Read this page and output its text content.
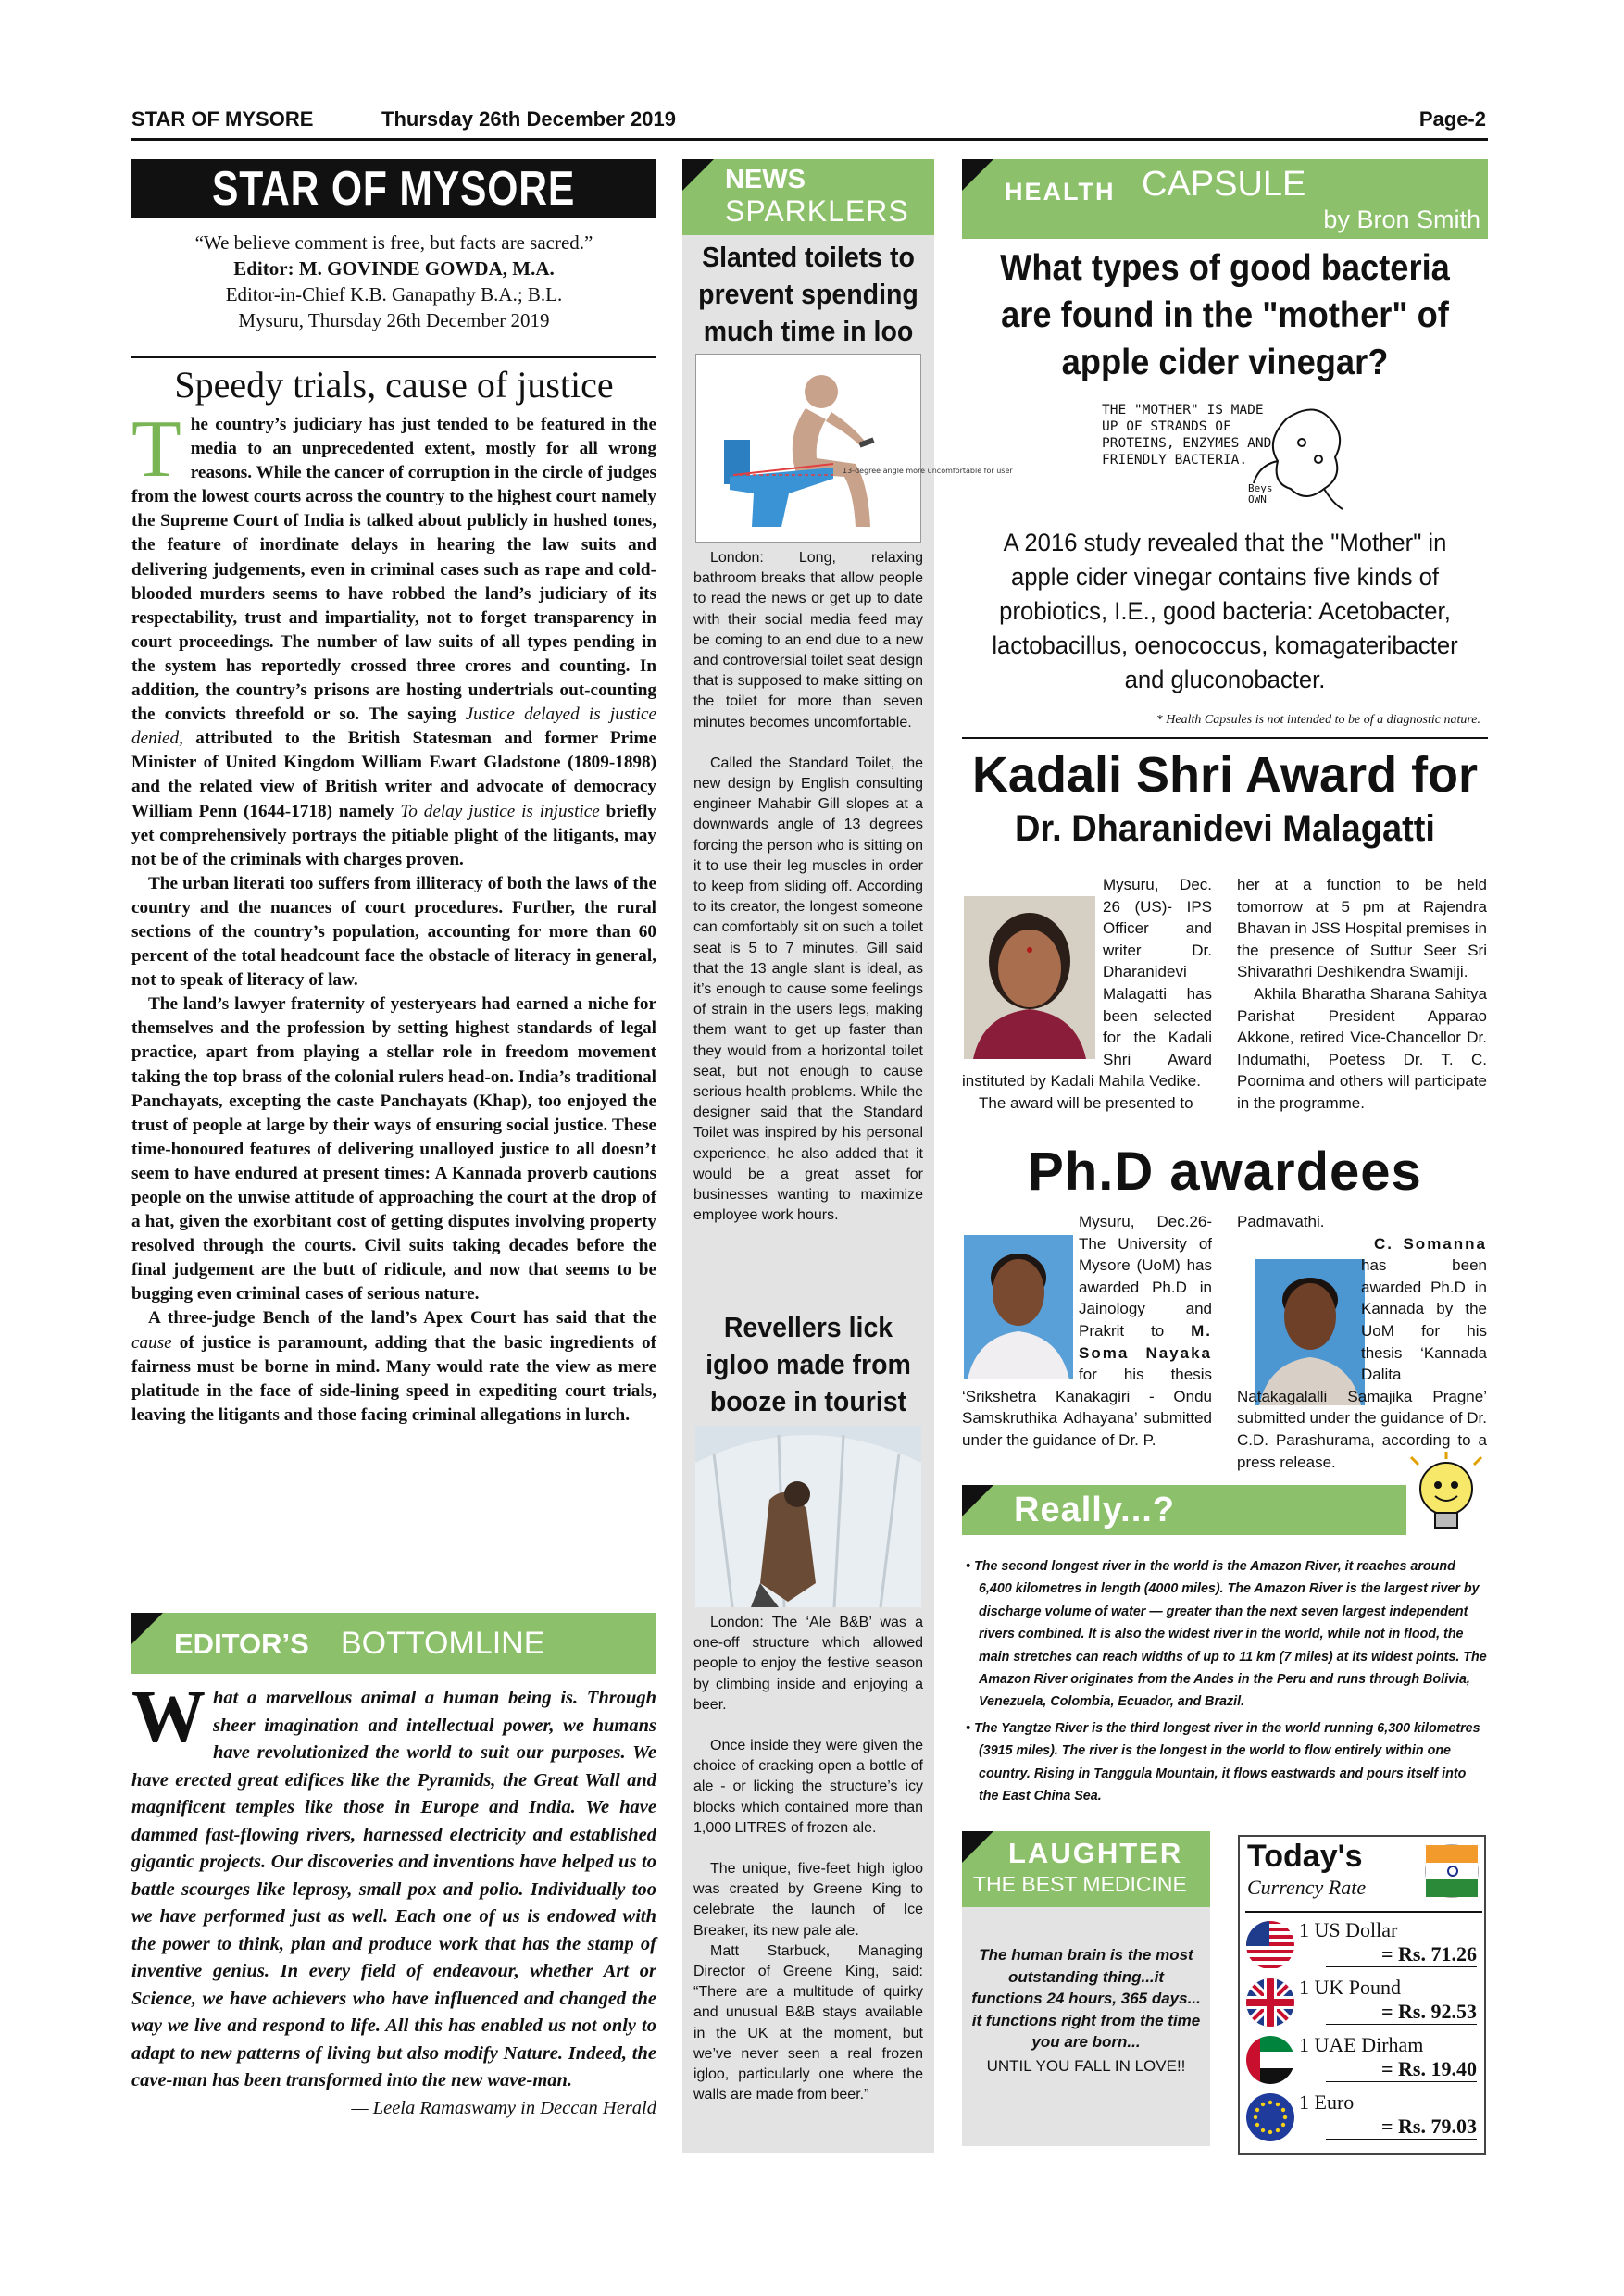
STAR OF MYSORE	Thursday 26th December 2019	Page-2
STAR OF MYSORE
“We believe comment is free, but facts are sacred.”
Editor: M. GOVINDE GOWDA, M.A.
Editor-in-Chief K.B. Ganapathy B.A.; B.L.
Mysuru, Thursday 26th December 2019
Speedy trials, cause of justice
T he country’s judiciary has just tended to be featured in the media to an unprecedented extent, mostly for all wrong reasons. While the cancer of corruption in the circle of judges from the lowest courts across the country to the highest court namely the Supreme Court of India is talked about publicly in hushed tones, the feature of inordinate delays in hearing the law suits and delivering judgements, even in criminal cases such as rape and cold-blooded murders seems to have robbed the land’s judiciary of its respectability, trust and impartiality, not to forget transparency in court proceedings. The number of law suits of all types pending in the system has reportedly crossed three crores and counting. In addition, the country’s prisons are hosting undertrials out-counting the convicts threefold or so. The saying Justice delayed is justice denied, attributed to the British Statesman and former Prime Minister of United Kingdom William Ewart Gladstone (1809-1898) and the related view of British writer and advocate of democracy William Penn (1644-1718) namely To delay justice is injustice briefly yet comprehensively portrays the pitiable plight of the litigants, may not be of the criminals with charges proven.

The urban literati too suffers from illiteracy of both the laws of the country and the nuances of court procedures. Further, the rural sections of the country’s population, accounting for more than 60 percent of the total headcount face the obstacle of literacy in general, not to speak of literacy of law.

The land’s lawyer fraternity of yesteryears had earned a niche for themselves and the profession by setting highest standards of legal practice, apart from playing a stellar role in freedom movement taking the top brass of the colonial rulers head-on. India’s traditional Panchayats, excepting the caste Panchayats (Khap), too enjoyed the trust of people at large by their ways of ensuring social justice. These time-honoured features of delivering unalloyed justice to all doesn’t seem to have endured at present times: A Kannada proverb cautions people on the unwise attitude of approaching the court at the drop of a hat, given the exorbitant cost of getting disputes involving property resolved through the courts. Civil suits taking decades before the final judgement are the butt of ridicule, and now that seems to be bugging even criminal cases of serious nature.

A three-judge Bench of the land’s Apex Court has said that the cause of justice is paramount, adding that the basic ingredients of fairness must be borne in mind. Many would rate the view as mere platitude in the face of side-lining speed in expediting court trials, leaving the litigants and those facing criminal allegations in lurch.

EDITOR’S BOTTOMLINE
W hat a marvellous animal a human being is. Through sheer imagination and intellectual power, we humans have revolutionized the world to suit our purposes. We have erected great edifices like the Pyramids, the Great Wall and magnificent temples like those in Europe and India. We have dammed fast-flowing rivers, harnessed electricity and established gigantic projects. Our discoveries and inventions have helped us to battle scourges like leprosy, small pox and polio. Individually too we have performed just as well. Each one of us is endowed with the power to think, plan and produce work that has the stamp of inventive genius. In every field of endeavour, whether Art or Science, we have achievers who have influenced and changed the way we live and respond to life. All this has enabled us not only to adapt to new patterns of living but also modify Nature. Indeed, the cave-man has been transformed into the new wave-man.
— Leela Ramaswamy in Deccan Herald
NEWS
SPARKLERS
Slanted toilets to prevent spending much time in loo
13-degree angle more uncomfortable for user

London: Long, relaxing bathroom breaks that allow people to read the news or get up to date with their social media feed may be coming to an end due to a new and controversial toilet seat design that is supposed to make sitting on the toilet for more than seven minutes becomes uncomfortable.

Called the Standard Toilet, the new design by English consulting engineer Mahabir Gill slopes at a downwards angle of 13 degrees forcing the person who is sitting on it to use their leg muscles in order to keep from sliding off. According to its creator, the longest someone can comfortably sit on such a toilet seat is 5 to 7 minutes. Gill said that the 13 angle slant is ideal, as it’s enough to cause some feelings of strain in the users legs, making them want to get up faster than they would from a horizontal toilet seat, but not enough to cause serious health problems. While the designer said that the Standard Toilet was inspired by his personal experience, he also added that it would be a great asset for businesses wanting to maximize employee work hours.

Revellers lick igloo made from booze in tourist

London: The ‘Ale B&B’ was a one-off structure which allowed people to enjoy the festive season by climbing inside and enjoying a beer.

Once inside they were given the choice of cracking open a bottle of ale - or licking the structure’s icy blocks which contained more than 1,000 LITRES of frozen ale.

The unique, five-feet high igloo was created by Greene King to celebrate the launch of Ice Breaker, its new pale ale.

Matt Starbuck, Managing Director of Greene King, said: “There are a multitude of quirky and unusual B&B stays available in the UK at the moment, but we’ve never seen a real frozen igloo, particularly one where the walls are made from beer.”

HEALTH CAPSULE
by Bron Smith
What types of good bacteria are found in the "mother" of apple cider vinegar?
THE "MOTHER" IS MADE UP OF STRANDS OF PROTEINS, ENZYMES AND FRIENDLY BACTERIA.
Beys OWN
A 2016 study revealed that the "Mother" in apple cider vinegar contains five kinds of probiotics, I.E., good bacteria: Acetobacter, lactobacillus, oenococcus, komagateribacter and gluconobacter.
* Health Capsules is not intended to be of a diagnostic nature.
Kadali Shri Award for
Dr. Dharanidevi Malagatti

Mysuru, Dec. 26 (US)- IPS Officer and writer Dr. Dharanidevi Malagatti has been selected for the Kadali Shri Award instituted by Kadali Mahila Vedike.

The award will be presented to

her at a function to be held tomorrow at 5 pm at Rajendra Bhavan in JSS Hospital premises in the presence of Suttur Seer Sri Shivarathri Deshikendra Swamiji.

Akhila Bharatha Sharana Sahitya Parishat President Apparao Akkone, retired Vice-Chancellor Dr. Indumathi, Poetess Dr. T. C. Poornima and others will participate in the programme.

Ph.D awardees
Mysuru, Dec.26- The University of Mysore (UoM) has awarded Ph.D in Jainology and Prakrit to M. Soma Nayaka for his thesis ‘Srikshetra Kanakagiri - Ondu Samskruthika Adhayana’ submitted under the guidance of Dr. P.
Padmavathi.
C. Somanna has been awarded Ph.D in Kannada by the UoM for his thesis ‘Kannada Dalita Natakagalalli Samajika Pragne’ submitted under the guidance of Dr. C.D. Parashurama, according to a press release.
Really...?
• The second longest river in the world is the Amazon River, it reaches around 6,400 kilometres in length (4000 miles). The Amazon River is the largest river by discharge volume of water — greater than the next seven largest independent rivers combined. It is also the widest river in the world, while not in flood, the main stretches can reach widths of up to 11 km (7 miles) at its widest points. The Amazon River originates from the Andes in the Peru and runs through Bolivia, Venezuela, Colombia, Ecuador, and Brazil.
• The Yangtze River is the third longest river in the world running 6,300 kilometres (3915 miles). The river is the longest in the world to flow entirely within one country. Rising in Tanggula Mountain, it flows eastwards and pours itself into the East China Sea.
LAUGHTER
THE BEST MEDICINE
The human brain is the most outstanding thing...it functions 24 hours, 365 days... it functions right from the time you are born...
UNTIL YOU FALL IN LOVE!!
Today's
Currency Rate
1 US Dollar
= Rs. 71.26
1 UK Pound
= Rs. 92.53
1 UAE Dirham
= Rs. 19.40
1 Euro
= Rs. 79.03
